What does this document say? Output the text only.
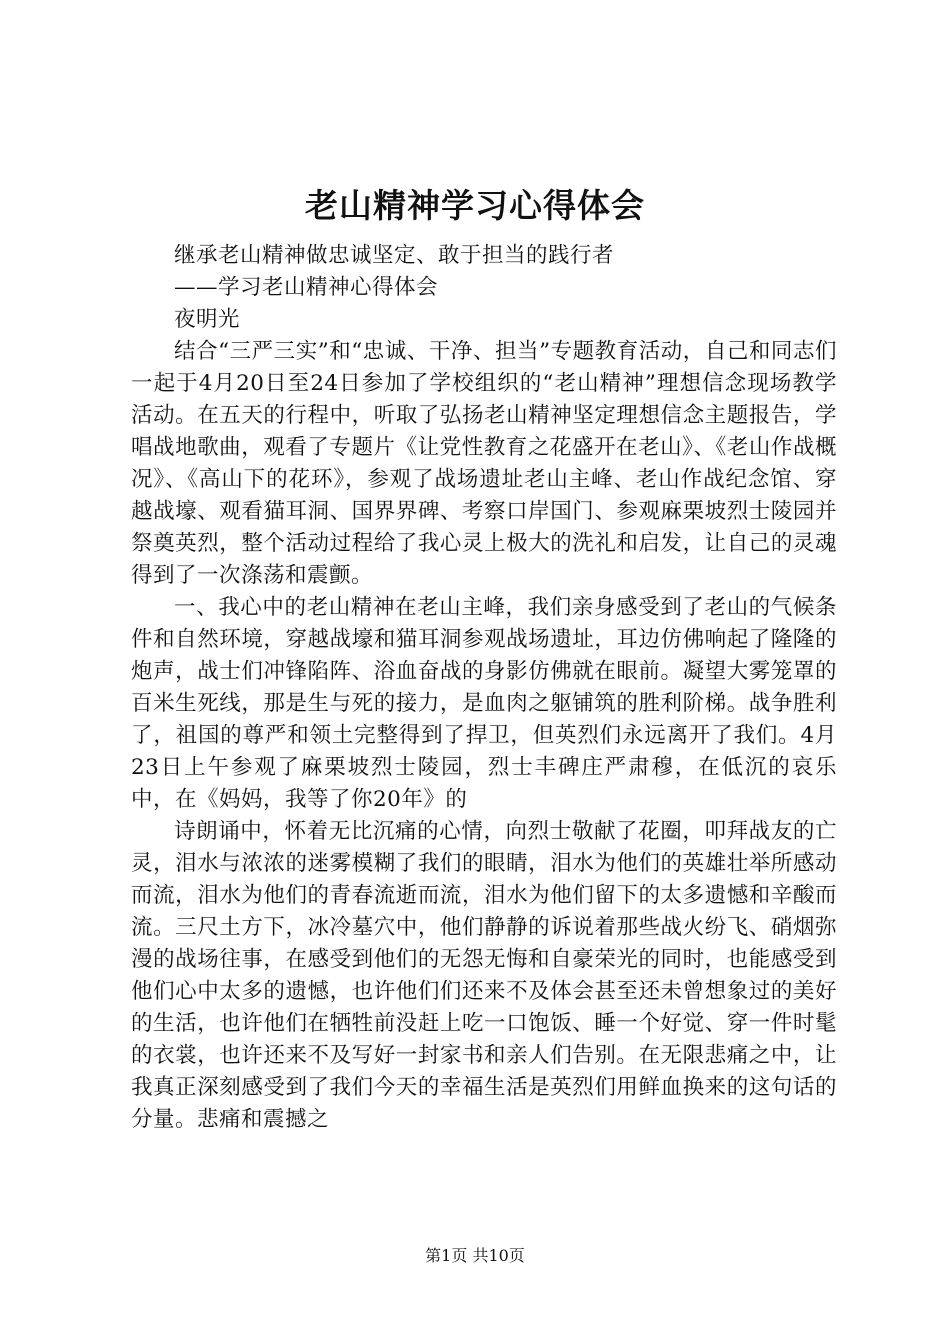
老山精神学习心得体会

继承老山精神做忠诚坚定、敢于担当的践行者

——学习老山精神心得体会

夜明光

结合“三严三实”和“忠诚、干净、担当”专题教育活动，自己和同志们一起于4月20日至24日参加了学校组织的“老山精神”理想信念现场教学活动。在五天的行程中，听取了弘扬老山精神坚定理想信念主题报告，学唱战地歌曲，观看了专题片《让党性教育之花盛开在老山》、《老山作战概况》、《高山下的花环》，参观了战场遗址老山主峰、老山作战纪念馆、穿越战壕、观看猫耳洞、国界界碑、考察口岸国门、参观麻栗坡烈士陵园并祭奠英烈，整个活动过程给了我心灵上极大的洗礼和启发，让自己的灵魂得到了一次涤荡和震颤。

一、我心中的老山精神在老山主峰，我们亲身感受到了老山的气候条件和自然环境，穿越战壕和猫耳洞参观战场遗址，耳边仿佛响起了隆隆的炮声，战士们冲锋陷阵、浴血奋战的身影仿佛就在眼前。凝望大雾笼罩的百米生死线，那是生与死的接力，是血肉之躯铺筑的胜利阶梯。战争胜利了，祖国的尊严和领土完整得到了捍卫，但英烈们永远离开了我们。4月23日上午参观了麻栗坡烈士陵园，烈士丰碑庄严肃穆，在低沉的哀乐中，在《妈妈，我等了你20年》的

诗朗诵中，怀着无比沉痛的心情，向烈士敬献了花圈，叩拜战友的亡灵，泪水与浓浓的迷雾模糊了我们的眼睛，泪水为他们的英雄壮举所感动而流，泪水为他们的青春流逝而流，泪水为他们留下的太多遗憾和辛酸而流。三尺土方下，冰冷墓穴中，他们静静的诉说着那些战火纷飞、硝烟弥漫的战场往事，在感受到他们的无怨无悔和自豪荣光的同时，也能感受到他们心中太多的遗憾，也许他们们还来不及体会甚至还未曾想象过的美好的生活，也许他们在牺牲前没赶上吃一口饱饭、睡一个好觉、穿一件时髦的衣裳，也许还来不及写好一封家书和亲人们告别。在无限悲痛之中，让我真正深刻感受到了我们今天的幸福生活是英烈们用鲜血换来的这句话的分量。悲痛和震撼之

第1页 共10页
